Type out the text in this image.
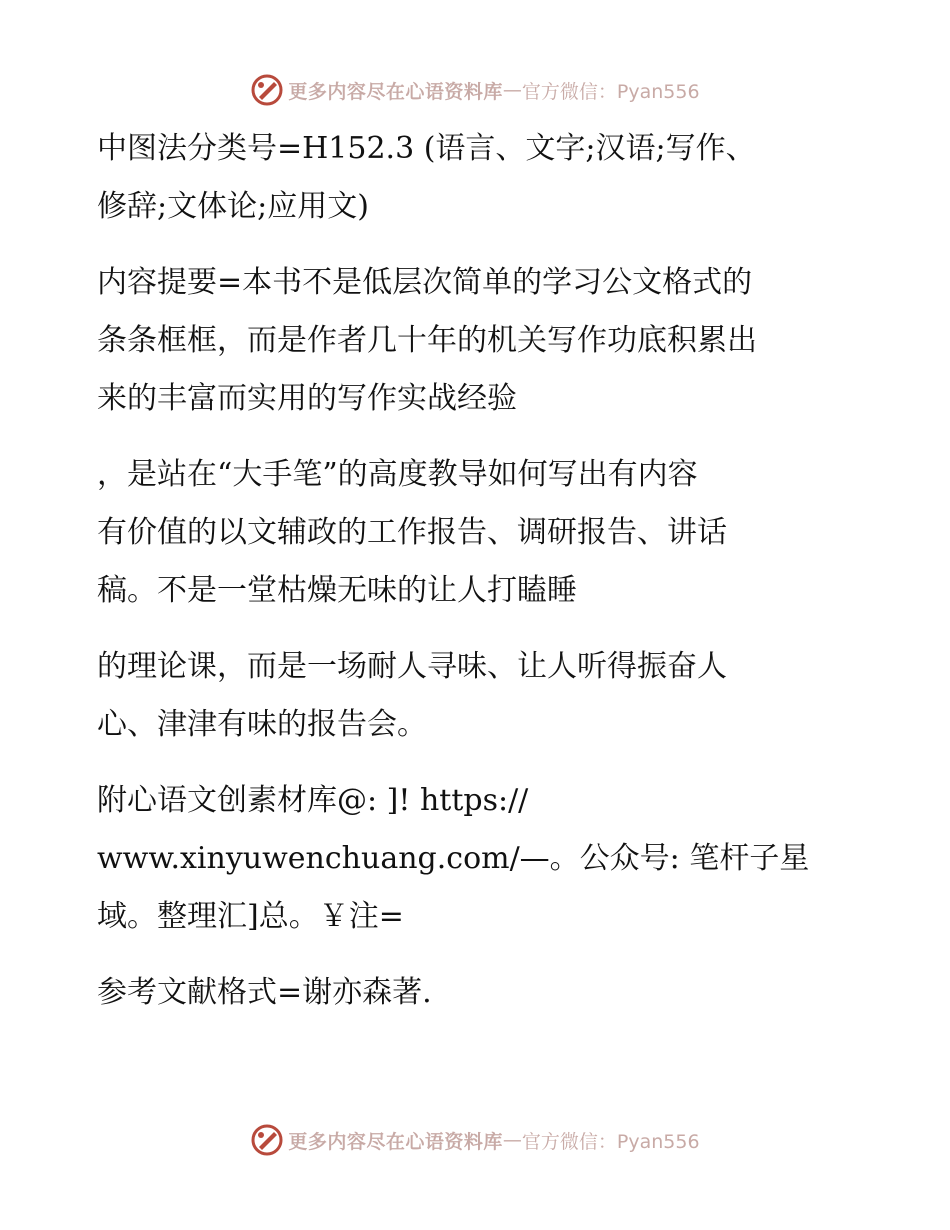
更多内容尽在心语资料库 — 官方微信：Pyan556
中图法分类号=H152.3 (语言、文字;汉语;写作、
修辞;文体论;应用文)
内容提要=本书不是低层次简单的学习公文格式的
条条框框，而是作者几十年的机关写作功底积累出
来的丰富而实用的写作实战经验
，是站在“大手笔”的高度教导如何写出有内容
有价值的以文辅政的工作报告、调研报告、讲话
稿。不是一堂枯燥无味的让人打瞌睡
的理论课，而是一场耐人寻味、让人听得振奋人
心、津津有味的报告会。
附心语文创素材库@: ]! https://
www.xinyuwenchuang.com/—。公众号: 笔杆子星
域。整理汇]总。￥注=
参考文献格式=谢亦森著.
更多内容尽在心语资料库 — 官方微信：Pyan556
